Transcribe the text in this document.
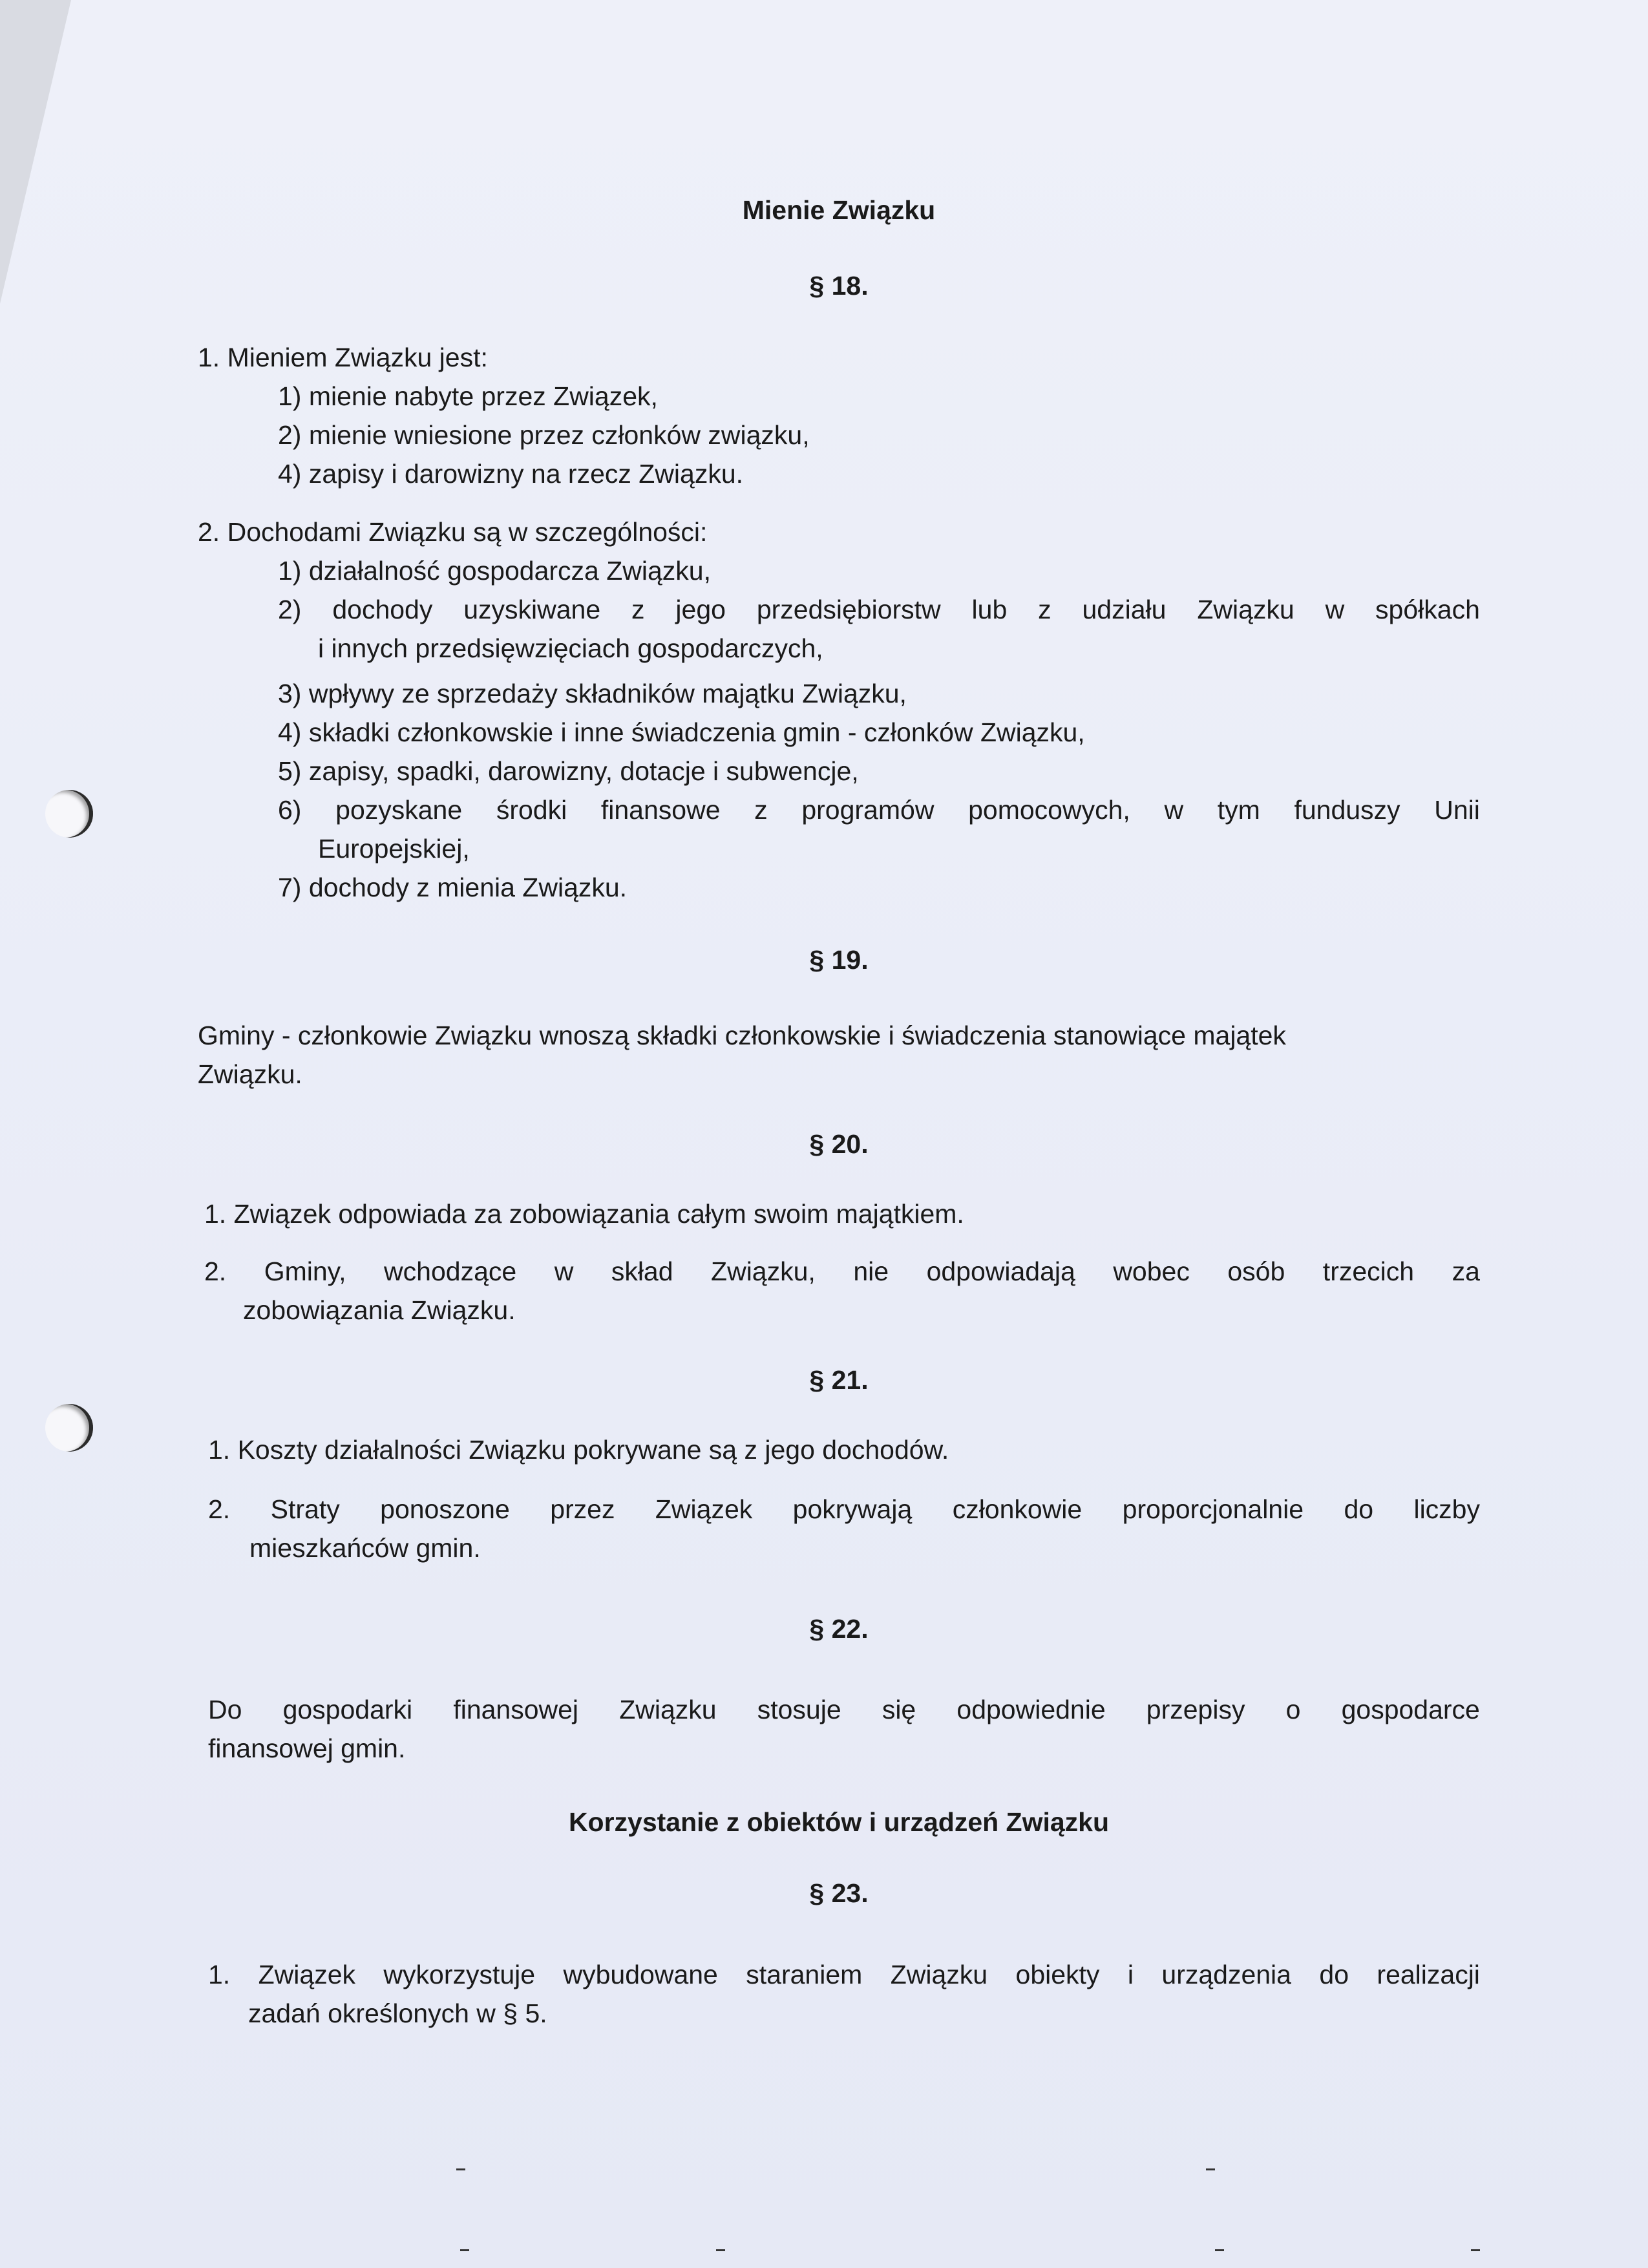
Mienie Związku
§ 18.
1. Mieniem Związku jest:
1) mienie nabyte przez Związek,
2) mienie wniesione przez członków związku,
4) zapisy i darowizny na rzecz Związku.
2. Dochodami Związku są w szczególności:
1) działalność gospodarcza Związku,
2) dochody uzyskiwane z jego przedsiębiorstw lub z udziału Związku w spółkach
i innych przedsięwzięciach gospodarczych,
3) wpływy ze sprzedaży składników majątku Związku,
4) składki członkowskie i inne świadczenia gmin - członków Związku,
5) zapisy, spadki, darowizny, dotacje i subwencje,
6) pozyskane środki finansowe z programów pomocowych, w tym funduszy Unii
Europejskiej,
7) dochody z mienia Związku.
§ 19.
Gminy - członkowie Związku wnoszą składki członkowskie i świadczenia stanowiące majątek
Związku.
§ 20.
1. Związek odpowiada za zobowiązania całym swoim majątkiem.
2. Gminy, wchodzące w skład Związku, nie odpowiadają wobec osób trzecich za
zobowiązania Związku.
§ 21.
1. Koszty działalności Związku pokrywane są z jego dochodów.
2. Straty ponoszone przez Związek pokrywają członkowie proporcjonalnie do liczby
mieszkańców gmin.
§ 22.
Do gospodarki finansowej Związku stosuje się odpowiednie przepisy o gospodarce
finansowej gmin.
Korzystanie z obiektów i urządzeń Związku
§ 23.
1. Związek wykorzystuje wybudowane staraniem Związku obiekty i urządzenia do realizacji
zadań określonych w § 5.
